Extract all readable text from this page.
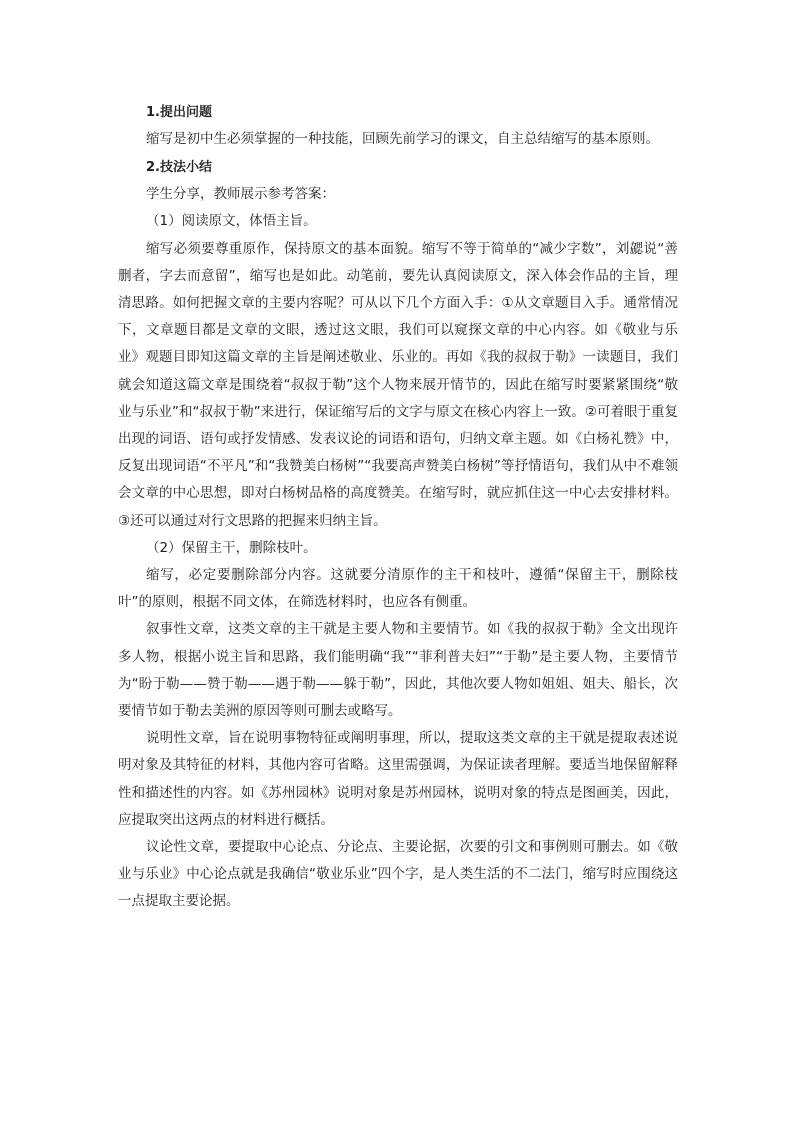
1.提出问题

缩写是初中生必须掌握的一种技能，回顾先前学习的课文，自主总结缩写的基本原则。

2.技法小结

学生分享，教师展示参考答案：

（1）阅读原文，体悟主旨。

缩写必须要尊重原作，保持原文的基本面貌。缩写不等于简单的“减少字数”，刘勰说“善删者，字去而意留”，缩写也是如此。动笔前，要先认真阅读原文，深入体会作品的主旨，理清思路。如何把握文章的主要内容呢？可从以下几个方面入手：①从文章题目入手。通常情况下，文章题目都是文章的文眼，透过这文眼，我们可以窥探文章的中心内容。如《敬业与乐业》观题目即知这篇文章的主旨是阐述敬业、乐业的。再如《我的叔叔于勒》一读题目，我们就会知道这篇文章是围绕着“叔叔于勒”这个人物来展开情节的，因此在缩写时要紧紧围绕“敬业与乐业”和“叔叔于勒”来进行，保证缩写后的文字与原文在核心内容上一致。②可着眼于重复出现的词语、语句或抒发情感、发表议论的词语和语句，归纳文章主题。如《白杨礼赞》中，反复出现词语“不平凡”和“我赞美白杨树”“我要高声赞美白杨树”等抒情语句，我们从中不难领会文章的中心思想，即对白杨树品格的高度赞美。在缩写时，就应抓住这一中心去安排材料。③还可以通过对行文思路的把握来归纳主旨。

（2）保留主干，删除枝叶。

缩写，必定要删除部分内容。这就要分清原作的主干和枝叶，遵循“保留主干，删除枝叶”的原则，根据不同文体，在筛选材料时，也应各有侧重。

叙事性文章，这类文章的主干就是主要人物和主要情节。如《我的叔叔于勒》全文出现许多人物，根据小说主旨和思路，我们能明确“我”“菲利普夫妇”“于勒”是主要人物，主要情节为“盼于勒——赞于勒——遇于勒——躲于勒”，因此，其他次要人物如姐姐、姐夫、船长，次要情节如于勒去美洲的原因等则可删去或略写。

说明性文章，旨在说明事物特征或阐明事理，所以，提取这类文章的主干就是提取表述说明对象及其特征的材料，其他内容可省略。这里需强调，为保证读者理解。要适当地保留解释性和描述性的内容。如《苏州园林》说明对象是苏州园林，说明对象的特点是图画美，因此，应提取突出这两点的材料进行概括。

议论性文章，要提取中心论点、分论点、主要论据，次要的引文和事例则可删去。如《敬业与乐业》中心论点就是我确信“敬业乐业”四个字，是人类生活的不二法门，缩写时应围绕这一点提取主要论据。
